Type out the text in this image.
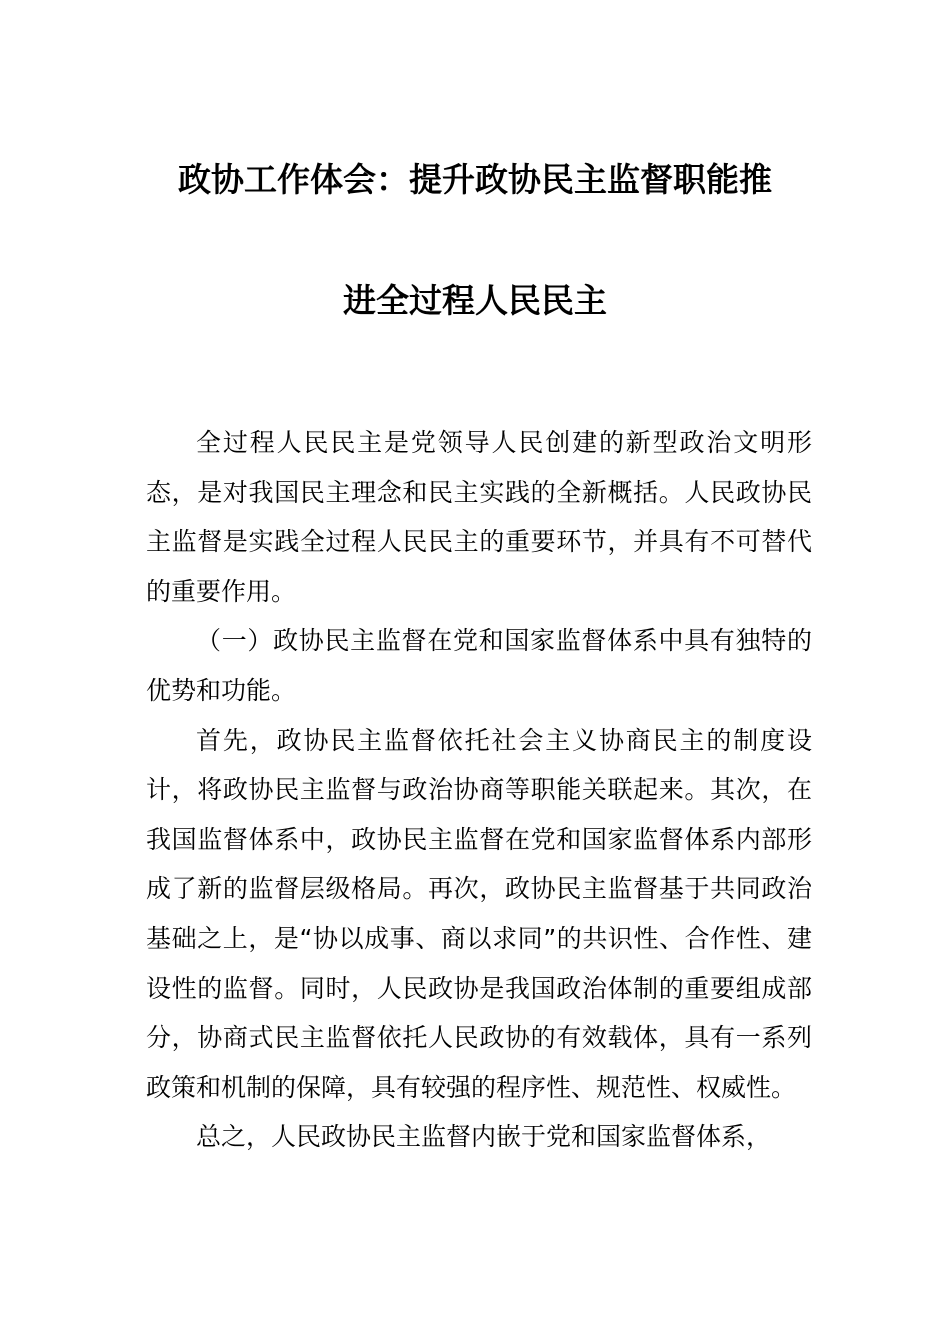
政协工作体会：提升政协民主监督职能推
进全过程人民民主

全过程人民民主是党领导人民创建的新型政治文明形态，是对我国民主理念和民主实践的全新概括。人民政协民主监督是实践全过程人民民主的重要环节，并具有不可替代的重要作用。

（一）政协民主监督在党和国家监督体系中具有独特的优势和功能。

首先，政协民主监督依托社会主义协商民主的制度设计，将政协民主监督与政治协商等职能关联起来。其次，在我国监督体系中，政协民主监督在党和国家监督体系内部形成了新的监督层级格局。再次，政协民主监督基于共同政治基础之上，是“协以成事、商以求同”的共识性、合作性、建设性的监督。同时，人民政协是我国政治体制的重要组成部分，协商式民主监督依托人民政协的有效载体，具有一系列政策和机制的保障，具有较强的程序性、规范性、权威性。

总之，人民政协民主监督内嵌于党和国家监督体系，
